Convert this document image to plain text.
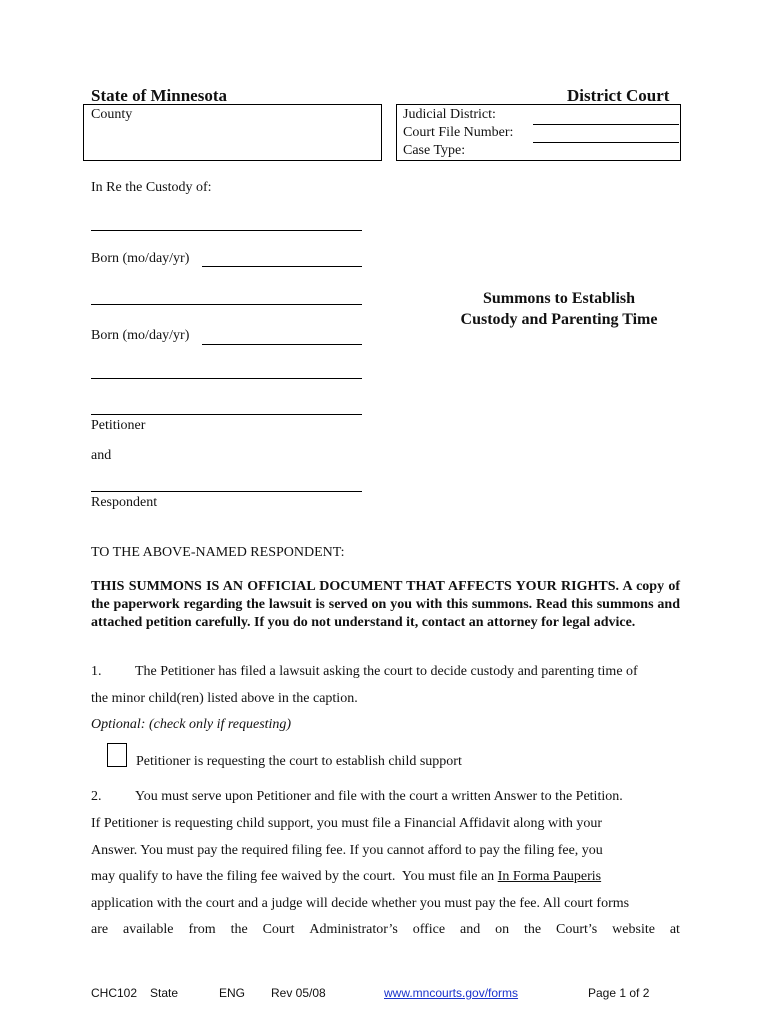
State of Minnesota	District Court
County	Judicial District:
Court File Number:
Case Type:
In Re the Custody of:
Born (mo/day/yr)
Born (mo/day/yr)
Petitioner
and
Respondent
Summons to Establish
Custody and Parenting Time
TO THE ABOVE-NAMED RESPONDENT:
THIS SUMMONS IS AN OFFICIAL DOCUMENT THAT AFFECTS YOUR RIGHTS. A copy of the paperwork regarding the lawsuit is served on you with this summons. Read this summons and attached petition carefully. If you do not understand it, contact an attorney for legal advice.
1. The Petitioner has filed a lawsuit asking the court to decide custody and parenting time of
the minor child(ren) listed above in the caption.
Optional: (check only if requesting)
Petitioner is requesting the court to establish child support
2. You must serve upon Petitioner and file with the court a written Answer to the Petition.
If Petitioner is requesting child support, you must file a Financial Affidavit along with your
Answer. You must pay the required filing fee. If you cannot afford to pay the filing fee, you
may qualify to have the filing fee waived by the court.  You must file an In Forma Pauperis
application with the court and a judge will decide whether you must pay the fee. All court forms
are available from the Court Administrator’s office and on the Court’s website at
CHC102 State	ENG Rev 05/08	www.mncourts.gov/forms	Page 1 of 2
